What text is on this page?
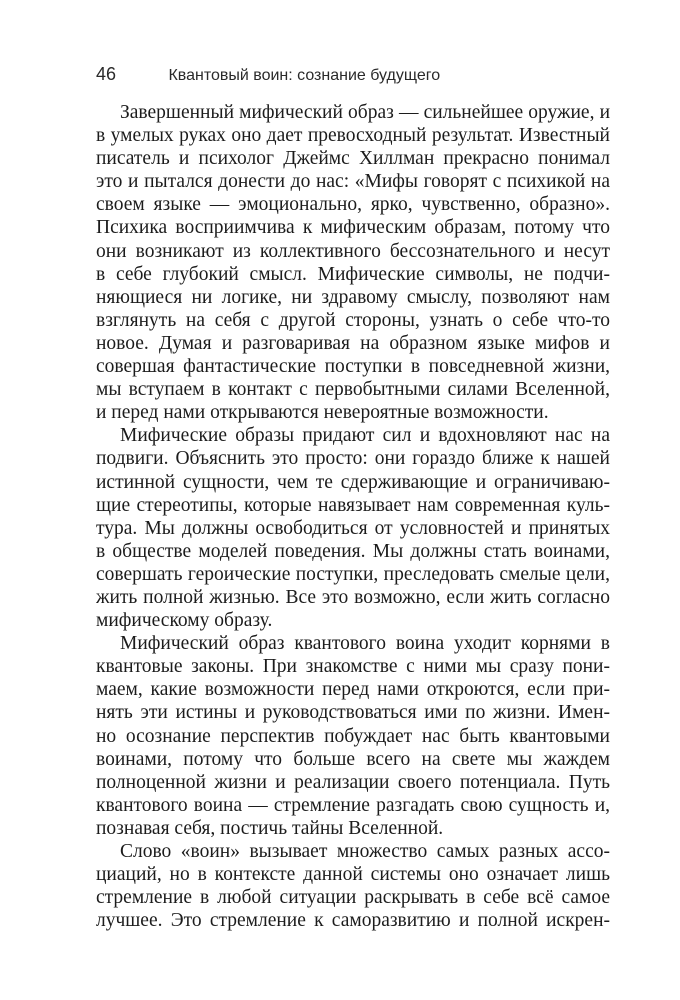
46	Квантовый воин: сознание будущего
Завершенный мифический образ — сильнейшее оружие, и
в умелых руках оно дает превосходный результат. Известный
писатель и психолог Джеймс Хиллман прекрасно понимал
это и пытался донести до нас: «Мифы говорят с психикой на
своем языке — эмоционально, ярко, чувственно, образно».
Психика восприимчива к мифическим образам, потому что
они возникают из коллективного бессознательного и несут
в себе глубокий смысл. Мифические символы, не подчи-
няющиеся ни логике, ни здравому смыслу, позволяют нам
взглянуть на себя с другой стороны, узнать о себе что-то
новое. Думая и разговаривая на образном языке мифов и
совершая фантастические поступки в повседневной жизни,
мы вступаем в контакт с первобытными силами Вселенной,
и перед нами открываются невероятные возможности.
Мифические образы придают сил и вдохновляют нас на
подвиги. Объяснить это просто: они гораздо ближе к нашей
истинной сущности, чем те сдерживающие и ограничиваю-
щие стереотипы, которые навязывает нам современная куль-
тура. Мы должны освободиться от условностей и принятых
в обществе моделей поведения. Мы должны стать воинами,
совершать героические поступки, преследовать смелые цели,
жить полной жизнью. Все это возможно, если жить согласно
мифическому образу.
Мифический образ квантового воина уходит корнями в
квантовые законы. При знакомстве с ними мы сразу пони-
маем, какие возможности перед нами откроются, если при-
нять эти истины и руководствоваться ими по жизни. Имен-
но осознание перспектив побуждает нас быть квантовыми
воинами, потому что больше всего на свете мы жаждем
полноценной жизни и реализации своего потенциала. Путь
квантового воина — стремление разгадать свою сущность и,
познавая себя, постичь тайны Вселенной.
Слово «воин» вызывает множество самых разных ассо-
циаций, но в контексте данной системы оно означает лишь
стремление в любой ситуации раскрывать в себе всё самое
лучшее. Это стремление к саморазвитию и полной искрен-
